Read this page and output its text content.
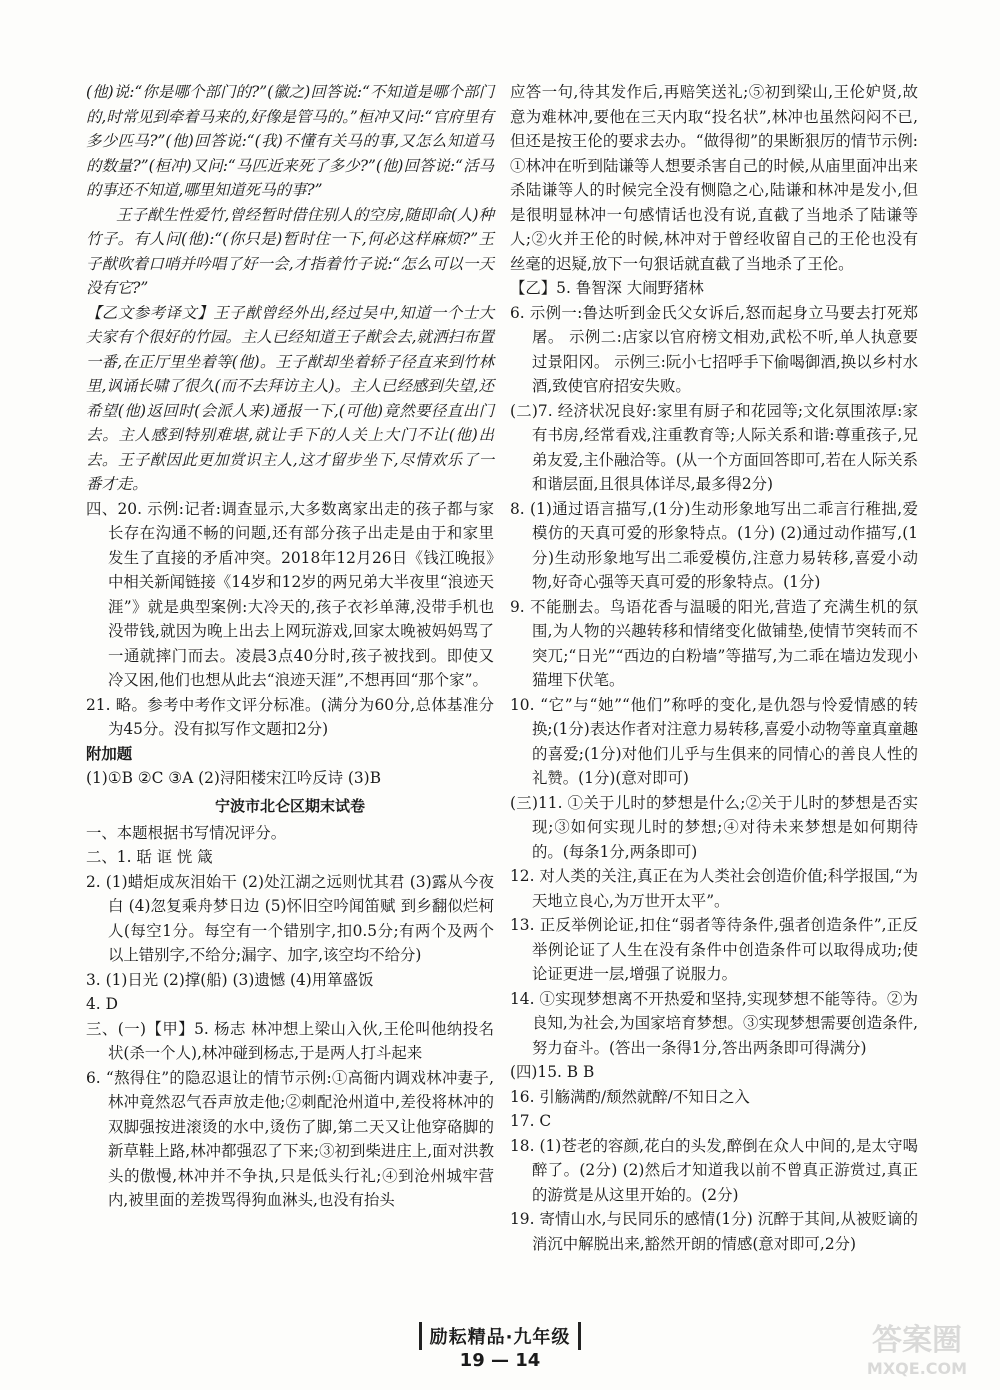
(他)说:“你是哪个部门的?”(徽之)回答说:“不知道是哪个部门的,时常见到牵着马来的,好像是管马的。”桓冲又问:“官府里有多少匹马?”(他)回答说:“(我)不懂有关马的事,又怎么知道马的数量?”(桓冲)又问:“马匹近来死了多少?”(他)回答说:“活马的事还不知道,哪里知道死马的事?”

王子猷生性爱竹,曾经暂时借住别人的空房,随即命(人)种竹子。有人问(他):“(你只是)暂时住一下,何必这样麻烦?”王子猷吹着口哨并吟唱了好一会,才指着竹子说:“怎么可以一天没有它?”

【乙文参考译文】王子猷曾经外出,经过吴中,知道一个士大夫家有个很好的竹园。主人已经知道王子猷会去,就洒扫布置一番,在正厅里坐着等(他)。王子猷却坐着轿子径直来到竹林里,讽诵长啸了很久(而不去拜访主人)。主人已经感到失望,还希望(他)返回时(会派人来)通报一下,(可他)竟然要径直出门去。主人感到特别难堪,就让手下的人关上大门不让(他)出去。王子猷因此更加赏识主人,这才留步坐下,尽情欢乐了一番才走。

四、20. 示例:记者:调查显示,大多数离家出走的孩子都与家长存在沟通不畅的问题,还有部分孩子出走是由于和家里发生了直接的矛盾冲突。2018年12月26日《钱江晚报》中相关新闻链接《14岁和12岁的两兄弟大半夜里“浪迹天涯”》就是典型案例:大冷天的,孩子衣衫单薄,没带手机也没带钱,就因为晚上出去上网玩游戏,回家太晚被妈妈骂了一通就摔门而去。凌晨3点40分时,孩子被找到。即使又冷又困,他们也想从此去“浪迹天涯”,不想再回“那个家”。

21. 略。参考中考作文评分标准。(满分为60分,总体基准分为45分。没有拟写作文题扣2分)

附加题

(1)①B ②C ③A (2)浔阳楼宋江吟反诗 (3)B

宁波市北仑区期末试卷

一、本题根据书写情况评分。

二、1. 聒 诓 恍 箴

2. (1)蜡炬成灰泪始干 (2)处江湖之远则忧其君 (3)露从今夜白 (4)忽复乘舟梦日边 (5)怀旧空吟闻笛赋 到乡翻似烂柯人(每空1分。每空有一个错别字,扣0.5分;有两个及两个以上错别字,不给分;漏字、加字,该空均不给分)

3. (1)日光 (2)撑(船) (3)遗憾 (4)用箪盛饭

4. D

三、(一)【甲】5. 杨志 林冲想上梁山入伙,王伦叫他纳投名状(杀一个人),林冲碰到杨志,于是两人打斗起来

6. “熬得住”的隐忍退让的情节示例:①高衙内调戏林冲妻子,林冲竟然忍气吞声放走他;②刺配沧州道中,差役将林冲的双脚强按进滚烫的水中,烫伤了脚,第二天又让他穿硌脚的新草鞋上路,林冲都强忍了下来;③初到柴进庄上,面对洪教头的傲慢,林冲并不争执,只是低头行礼;④到沧州城牢营内,被里面的差拨骂得狗血淋头,也没有抬头

应答一句,待其发作后,再赔笑送礼;⑤初到梁山,王伦妒贤,故意为难林冲,要他在三天内取“投名状”,林冲也虽然闷闷不已,但还是按王伦的要求去办。“做得彻”的果断狠厉的情节示例:①林冲在听到陆谦等人想要杀害自己的时候,从庙里面冲出来杀陆谦等人的时候完全没有恻隐之心,陆谦和林冲是发小,但是很明显林冲一句感情话也没有说,直截了当地杀了陆谦等人;②火并王伦的时候,林冲对于曾经收留自己的王伦也没有丝毫的迟疑,放下一句狠话就直截了当地杀了王伦。

【乙】5. 鲁智深 大闹野猪林

6. 示例一:鲁达听到金氏父女诉后,怒而起身立马要去打死郑屠。 示例二:店家以官府榜文相劝,武松不听,单人执意要过景阳冈。 示例三:阮小七招呼手下偷喝御酒,换以乡村水酒,致使官府招安失败。

(二)7. 经济状况良好:家里有厨子和花园等;文化氛围浓厚:家有书房,经常看戏,注重教育等;人际关系和谐:尊重孩子,兄弟友爱,主仆融洽等。(从一个方面回答即可,若在人际关系和谐层面,且很具体详尽,最多得2分)

8. (1)通过语言描写,(1分)生动形象地写出二乖言行稚拙,爱模仿的天真可爱的形象特点。(1分) (2)通过动作描写,(1分)生动形象地写出二乖爱模仿,注意力易转移,喜爱小动物,好奇心强等天真可爱的形象特点。(1分)

9. 不能删去。鸟语花香与温暖的阳光,营造了充满生机的氛围,为人物的兴趣转移和情绪变化做铺垫,使情节突转而不突兀;“日光”“西边的白粉墙”等描写,为二乖在墙边发现小猫埋下伏笔。

10. “它”与“她”“他们”称呼的变化,是仇怨与怜爱情感的转换;(1分)表达作者对注意力易转移,喜爱小动物等童真童趣的喜爱;(1分)对他们儿乎与生俱来的同情心的善良人性的礼赞。(1分)(意对即可)

(三)11. ①关于儿时的梦想是什么;②关于儿时的梦想是否实现;③如何实现儿时的梦想;④对待未来梦想是如何期待的。(每条1分,两条即可)

12. 对人类的关注,真正在为人类社会创造价值;科学报国,“为天地立良心,为万世开太平”。

13. 正反举例论证,扣住“弱者等待条件,强者创造条件”,正反举例论证了人生在没有条件中创造条件可以取得成功;使论证更进一层,增强了说服力。

14. ①实现梦想离不开热爱和坚持,实现梦想不能等待。②为良知,为社会,为国家培育梦想。③实现梦想需要创造条件,努力奋斗。(答出一条得1分,答出两条即可得满分)

(四)15. B B

16. 引觞满酌/颓然就醉/不知日之入

17. C

18. (1)苍老的容颜,花白的头发,醉倒在众人中间的,是太守喝醉了。(2分) (2)然后才知道我以前不曾真正游赏过,真正的游赏是从这里开始的。(2分)

19. 寄情山水,与民同乐的感情(1分) 沉醉于其间,从被贬谪的消沉中解脱出来,豁然开朗的情感(意对即可,2分)

励耘精品·九年级
19 — 14
答案圈
MXQE.COM
